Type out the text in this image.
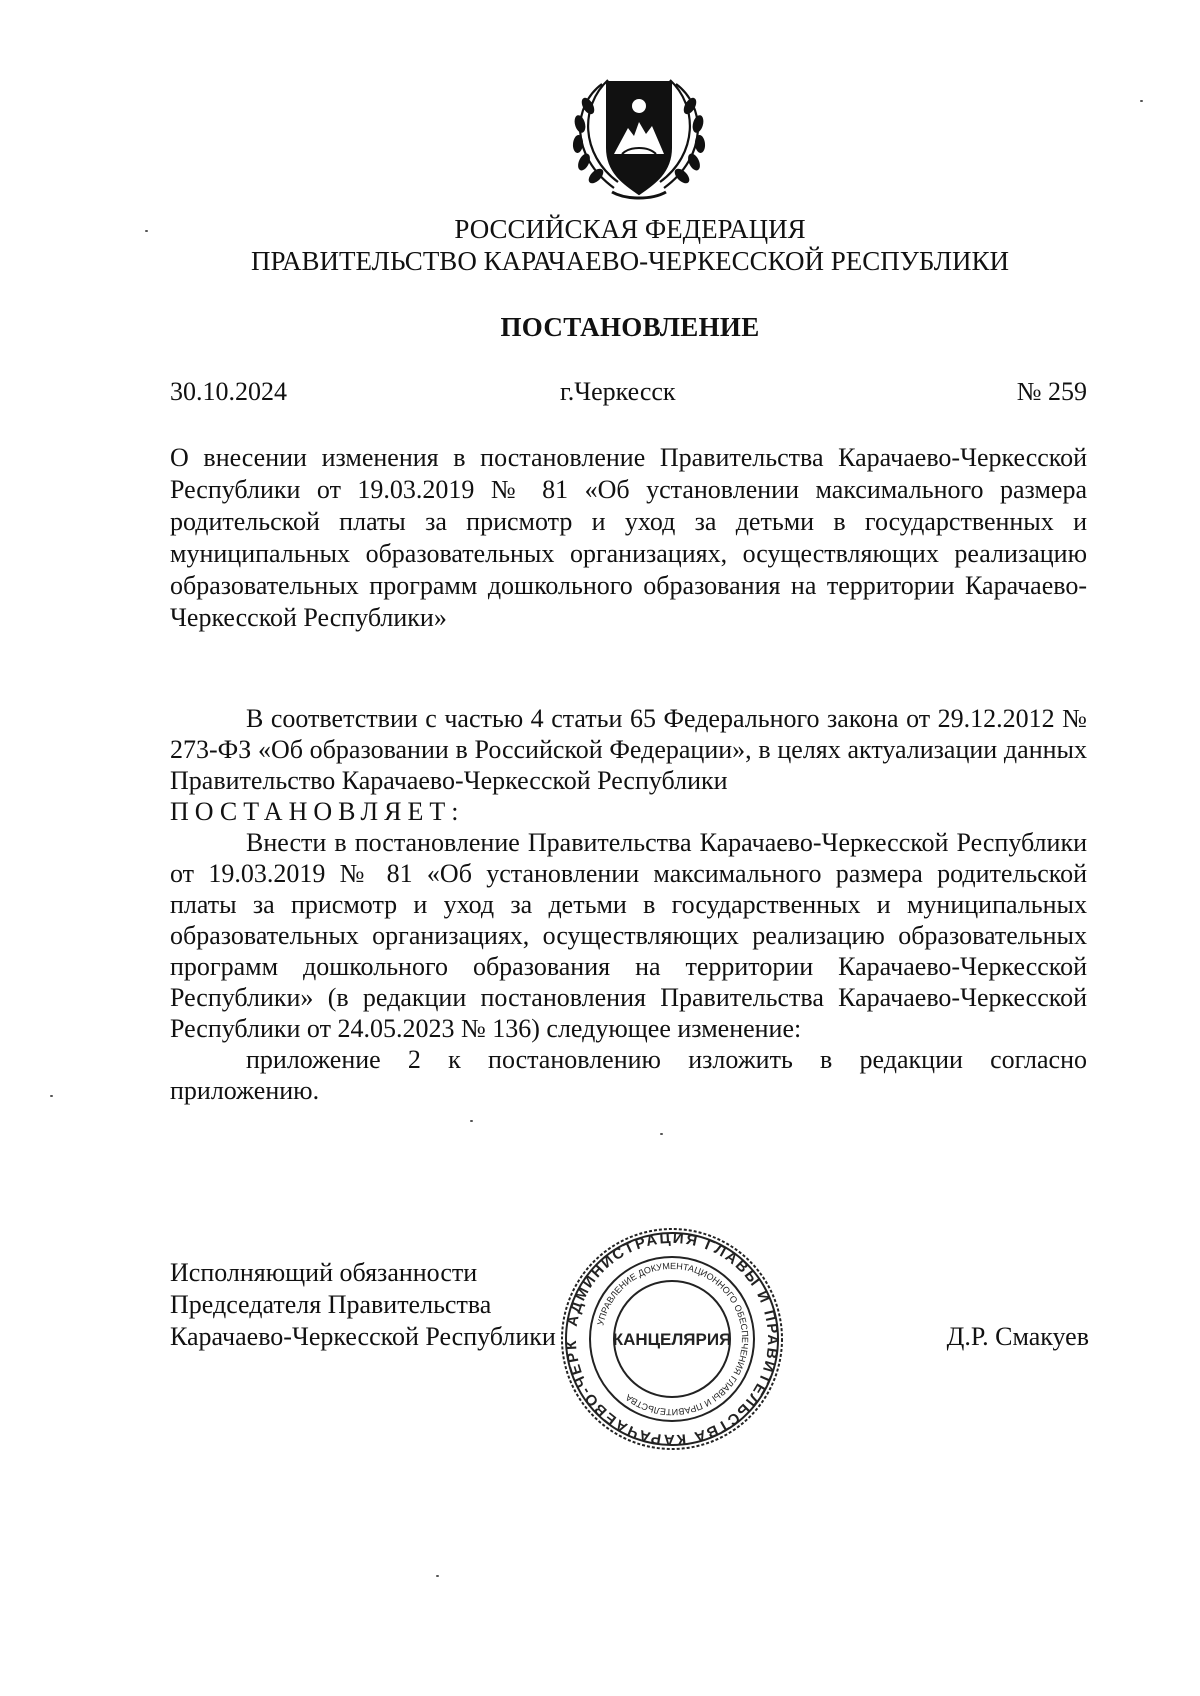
РОССИЙСКАЯ ФЕДЕРАЦИЯ
ПРАВИТЕЛЬСТВО КАРАЧАЕВО-ЧЕРКЕССКОЙ РЕСПУБЛИКИ
ПОСТАНОВЛЕНИЕ
30.10.2024	г.Черкесск	№ 259

О внесении изменения в постановление Правительства Карачаево-Черкесской Республики от 19.03.2019 № 81 «Об установлении максимального размера родительской платы за присмотр и уход за детьми в государственных и муниципальных образовательных организациях, осуществляющих реализацию образовательных программ дошкольного образования на территории Карачаево-Черкесской Республики»

В соответствии с частью 4 статьи 65 Федерального закона от 29.12.2012 № 273-ФЗ «Об образовании в Российской Федерации», в целях актуализации данных Правительство Карачаево-Черкесской Республики

ПОСТАНОВЛЯЕТ:

Внести в постановление Правительства Карачаево-Черкесской Республики от 19.03.2019 № 81 «Об установлении максимального размера родительской платы за присмотр и уход за детьми в государственных и муниципальных образовательных организациях, осуществляющих реализацию образовательных программ дошкольного образования на территории Карачаево-Черкесской Республики» (в редакции постановления Правительства Карачаево-Черкесской Республики от 24.05.2023 № 136) следующее изменение:

приложение 2 к постановлению изложить в редакции согласно приложению.

Исполняющий обязанности
Председателя Правительства
Карачаево-Черкесской Республики	Д.Р. Смакуев
АДМИНИСТРАЦИЯ ГЛАВЫ И ПРАВИТЕЛЬСТВА КАРАЧАЕВО-ЧЕРК
УПРАВЛЕНИЕ ДОКУМЕНТАЦИОННОГО ОБЕСПЕЧЕНИЯ ГЛАВЫ И ПРАВИТЕЛЬСТВА
КАНЦЕЛЯРИЯ
